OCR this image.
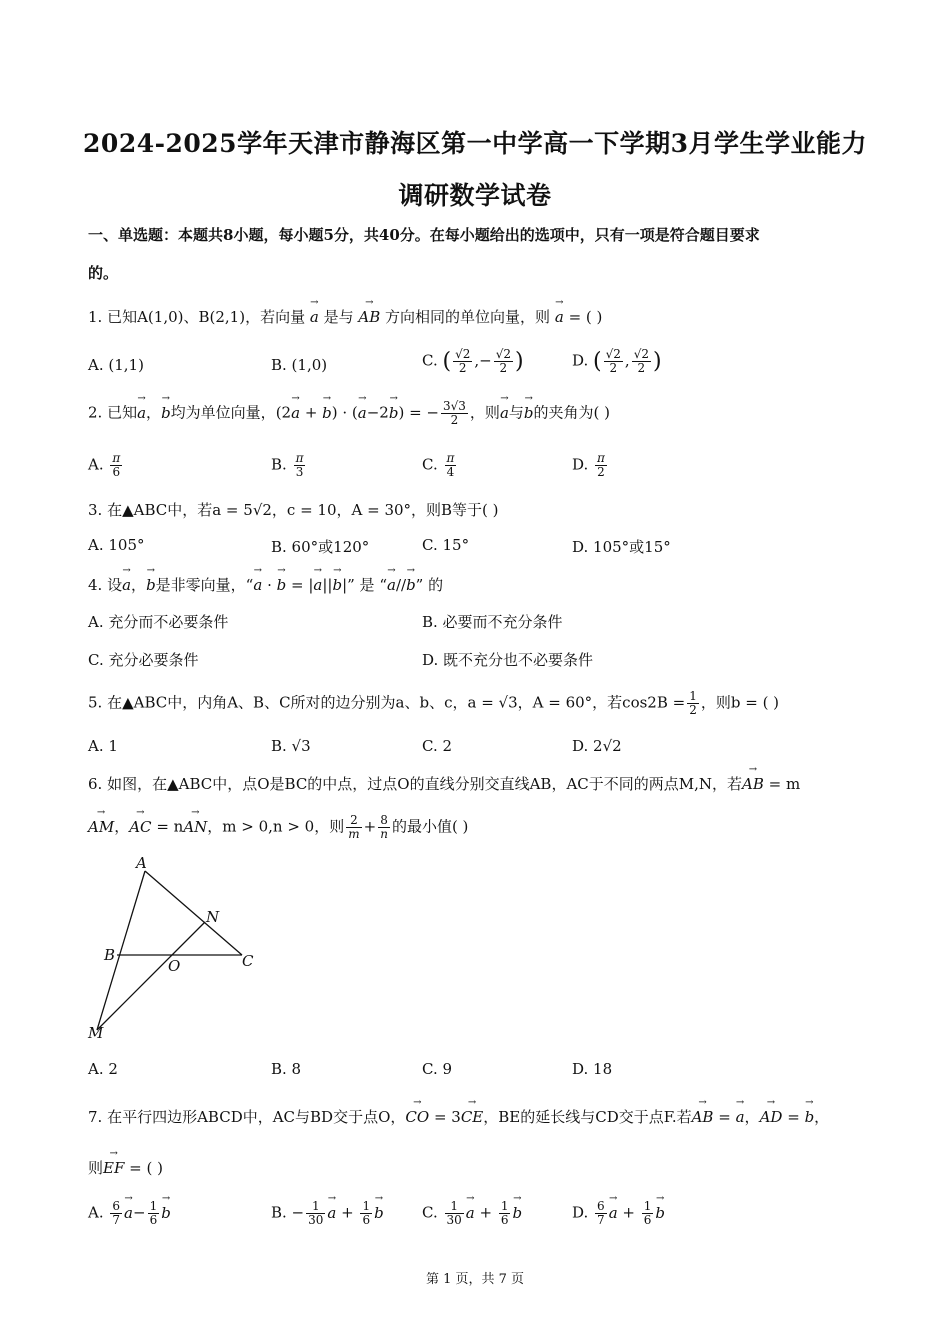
2024-2025学年天津市静海区第一中学高一下学期3月学生学业能力
调研数学试卷
一、单选题：本题共8小题，每小题5分，共40分。在每小题给出的选项中，只有一项是符合题目要求
的。
1. 已知A(1,0)、B(2,1)，若向量 → a 是与 → AB 方向相同的单位向量，则 → a = ( )
A. (1,1)	B. (1,0)	C. ( $\frac{√2}{2}$ ,− $\frac{√2}{2}$ )	D. ( $\frac{√2}{2}$ , $\frac{√2}{2}$ )
2. 已知→ a，→ b均为单位向量，(2→ a + → b) · (→ a−2→ b) = − $\frac{3√3}{2}$ ，则→ a与→ b的夹角为( )
A. $\frac{\pi}{6}$	B. $\frac{\pi}{3}$	C. $\frac{\pi}{4}$	D. $\frac{\pi}{2}$
3. 在▲ABC中，若a = 5√2，c = 10，A = 30°，则B等于( )
A. 105°	B. 60°或120°	C. 15°	D. 105°或15°
4. 设→ a，→ b是非零向量，“→ a · → b = |→ a||→ b|” 是 “→ a//→ b” 的
A. 充分而不必要条件	B. 必要而不充分条件
C. 充分必要条件	D. 既不充分也不必要条件
5. 在▲ABC中，内角A、B、C所对的边分别为a、b、c，a = √3，A = 60°，若$\cos 2B = \frac{1}{2}$ ，则b = ( )
A. 1	B. √3	C. 2	D. 2√2
6. 如图，在▲ABC中，点O是BC的中点，过点O的直线分别交直线AB，AC于不同的两点M,N，若→ AB = m
→ AM，→ AC = n→ AN，m > 0,n > 0，则 $\frac{2}{m} + \frac{8}{n}$ 的最小值( )
A
N
B
O	C
M
A. 2	B. 8	C. 9	D. 18
7. 在平行四边形ABCD中，AC与BD交于点O，→ CO = 3→ CE，BE的延长线与CD交于点F.若→ AB = → a，→ AD = → b，
则→ EF = ( )
A. $\frac{6}{7}$
→ $a- \frac{1}{6}$
→ b	B. − $\frac{1}{30}$
→ $a + \frac{1}{6}$
→ b	C. $\frac{1}{30}$
→ $a + \frac{1}{6}$
→ b	D. $\frac{6}{7}$
→ $a + \frac{1}{6}$
→ b
第 1 页，共 7 页
